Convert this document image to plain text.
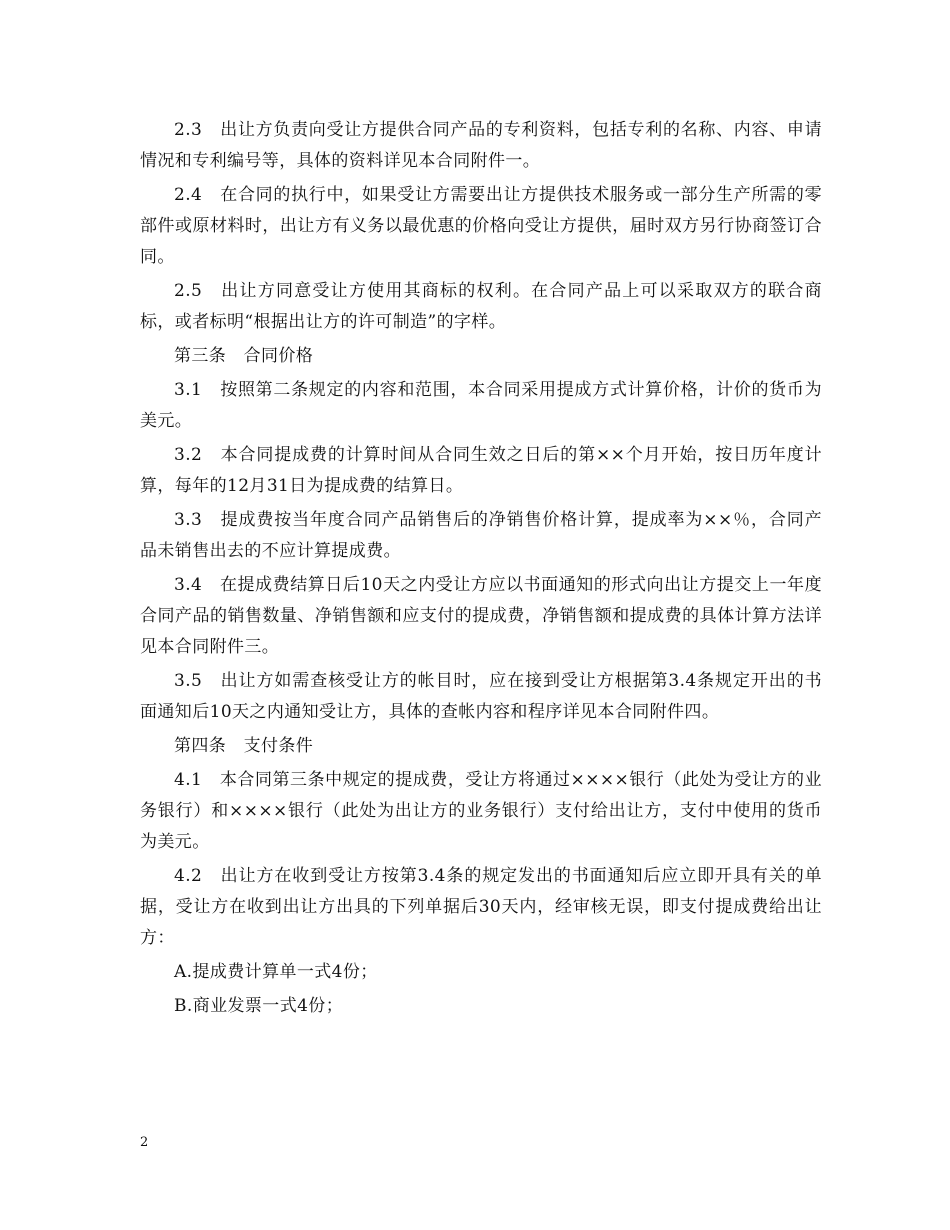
2.3　出让方负责向受让方提供合同产品的专利资料，包括专利的名称、内容、申请情况和专利编号等，具体的资料详见本合同附件一。

2.4　在合同的执行中，如果受让方需要出让方提供技术服务或一部分生产所需的零部件或原材料时，出让方有义务以最优惠的价格向受让方提供，届时双方另行协商签订合同。

2.5　出让方同意受让方使用其商标的权利。在合同产品上可以采取双方的联合商标，或者标明“根据出让方的许可制造”的字样。

第三条　合同价格

3.1　按照第二条规定的内容和范围，本合同采用提成方式计算价格，计价的货币为美元。

3.2　本合同提成费的计算时间从合同生效之日后的第××个月开始，按日历年度计算，每年的12月31日为提成费的结算日。

3.3　提成费按当年度合同产品销售后的净销售价格计算，提成率为××％，合同产品未销售出去的不应计算提成费。

3.4　在提成费结算日后10天之内受让方应以书面通知的形式向出让方提交上一年度合同产品的销售数量、净销售额和应支付的提成费，净销售额和提成费的具体计算方法详见本合同附件三。

3.5　出让方如需查核受让方的帐目时，应在接到受让方根据第3.4条规定开出的书面通知后10天之内通知受让方，具体的查帐内容和程序详见本合同附件四。

第四条　支付条件

4.1　本合同第三条中规定的提成费，受让方将通过××××银行（此处为受让方的业务银行）和××××银行（此处为出让方的业务银行）支付给出让方，支付中使用的货币为美元。

4.2　出让方在收到受让方按第3.4条的规定发出的书面通知后应立即开具有关的单据，受让方在收到出让方出具的下列单据后30天内，经审核无误，即支付提成费给出让方：

A.提成费计算单一式4份；

B.商业发票一式4份；

2
